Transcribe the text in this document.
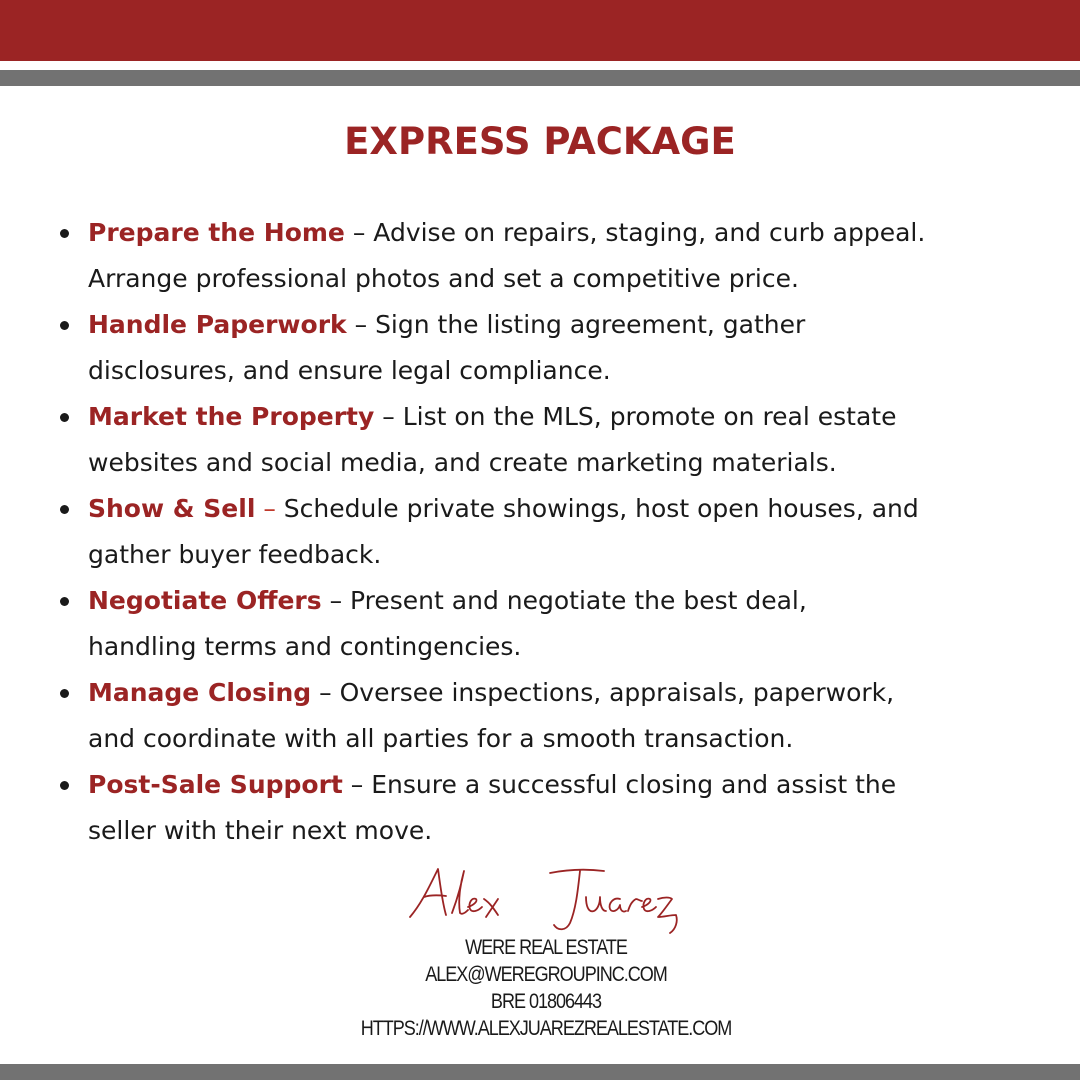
EXPRESS PACKAGE
Prepare the Home – Advise on repairs, staging, and curb appeal.
Arrange professional photos and set a competitive price.
Handle Paperwork – Sign the listing agreement, gather
disclosures, and ensure legal compliance.
Market the Property – List on the MLS, promote on real estate
websites and social media, and create marketing materials.
Show & Sell – Schedule private showings, host open houses, and
gather buyer feedback.
Negotiate Offers – Present and negotiate the best deal,
handling terms and contingencies.
Manage Closing – Oversee inspections, appraisals, paperwork,
and coordinate with all parties for a smooth transaction.
Post-Sale Support – Ensure a successful closing and assist the
seller with their next move.
WERE REAL ESTATE
ALEX@WEREGROUPINC.COM
BRE 01806443
HTTPS://WWW.ALEXJUAREZREALESTATE.COM
